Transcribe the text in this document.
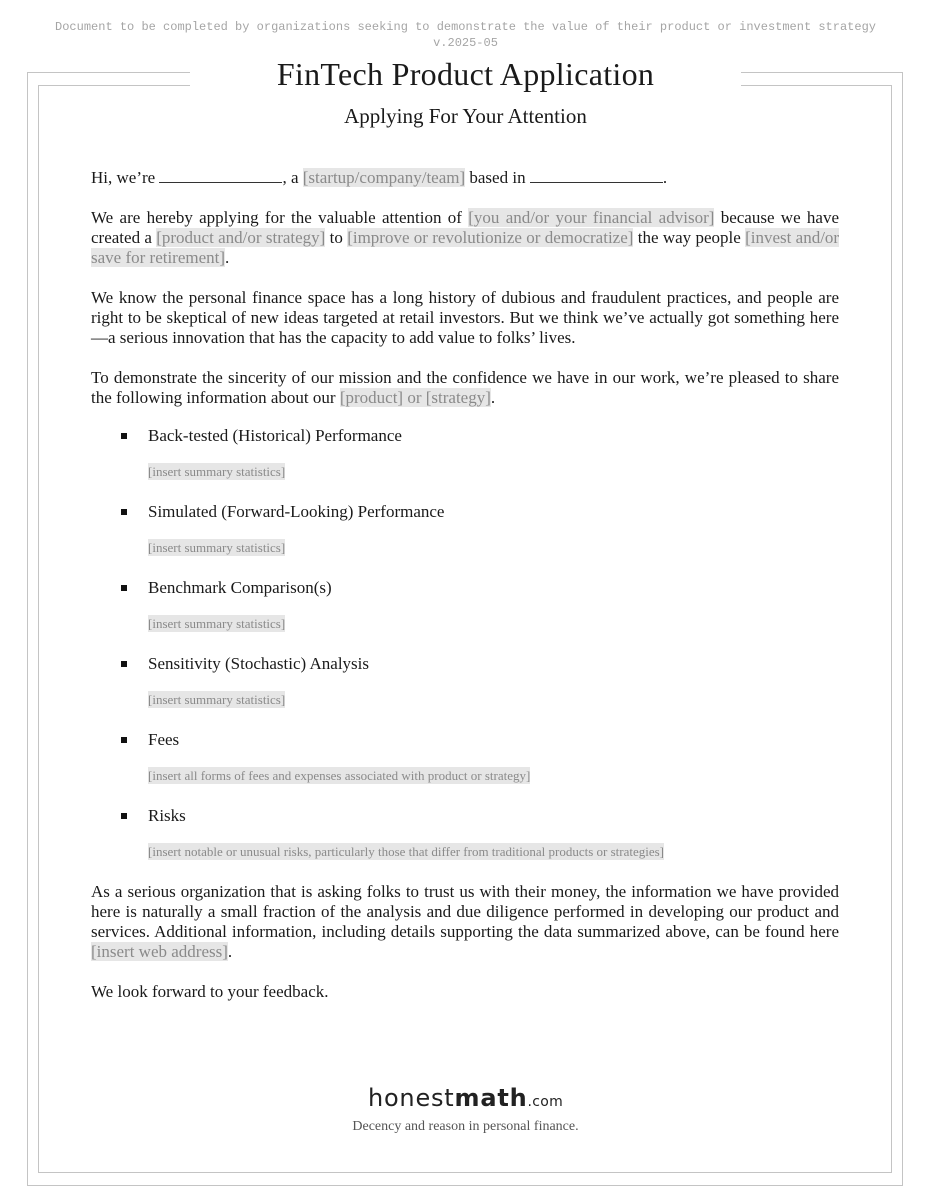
Document to be completed by organizations seeking to demonstrate the value of their product or investment strategy
v.2025-05
FinTech Product Application
Applying For Your Attention

Hi, we’re	, a [startup/company/team] based in	.

We are hereby applying for the valuable attention of [you and/or your financial advisor] because we have created a [product and/or strategy] to [improve or revolutionize or democratize] the way people [invest and/or save for retirement].

We know the personal finance space has a long history of dubious and fraudulent practices, and people are right to be skeptical of new ideas targeted at retail investors. But we think we’ve actually got something here—a serious innovation that has the capacity to add value to folks’ lives.

To demonstrate the sincerity of our mission and the confidence we have in our work, we’re pleased to share the following information about our [product] or [strategy].

Back-tested (Historical) Performance
[insert summary statistics]
Simulated (Forward-Looking) Performance
[insert summary statistics]
Benchmark Comparison(s)
[insert summary statistics]
Sensitivity (Stochastic) Analysis
[insert summary statistics]
Fees
[insert all forms of fees and expenses associated with product or strategy]
Risks
[insert notable or unusual risks, particularly those that differ from traditional products or strategies]

As a serious organization that is asking folks to trust us with their money, the information we have provided here is naturally a small fraction of the analysis and due diligence performed in developing our product and services. Additional information, including details supporting the data summarized above, can be found here [insert web address].

We look forward to your feedback.

honestmath.com
Decency and reason in personal finance.
